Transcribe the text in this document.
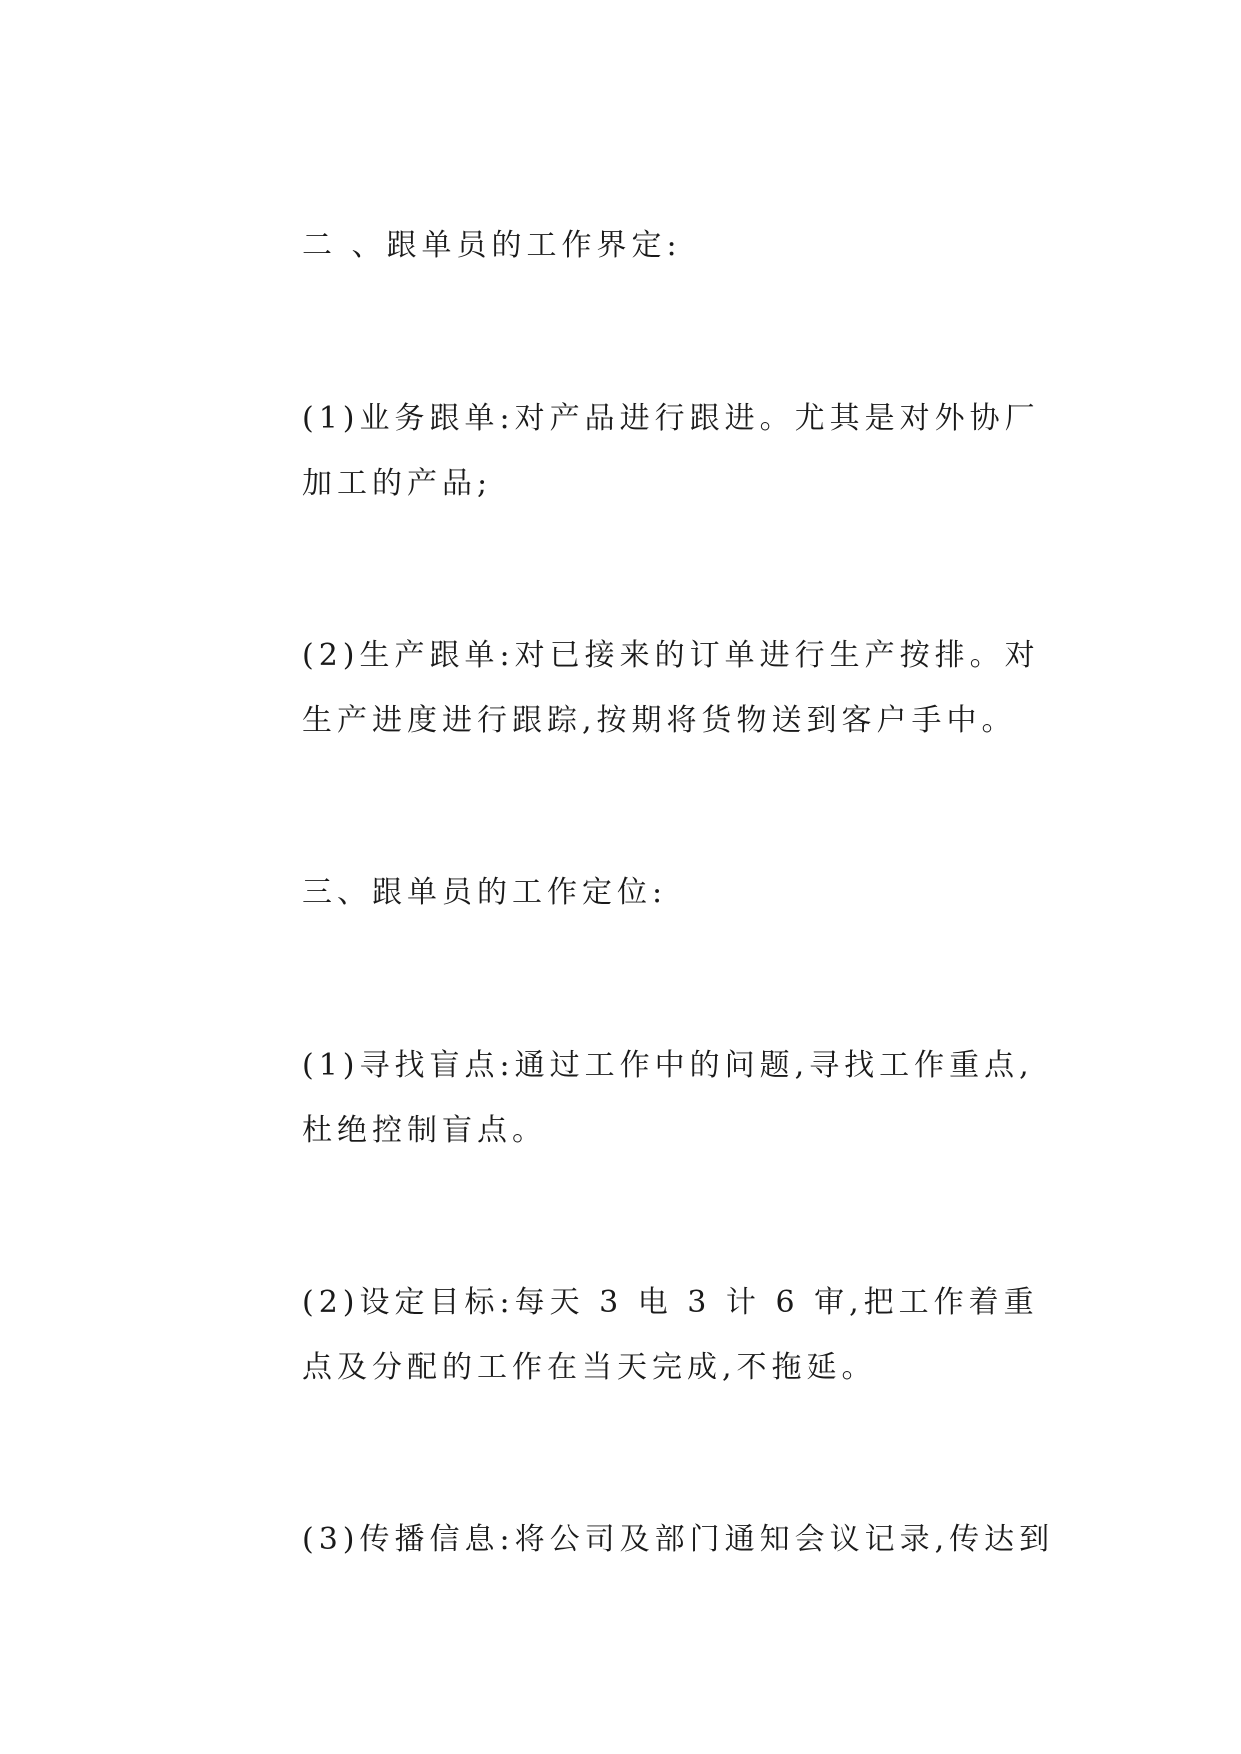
二 、跟单员的工作界定:

(1)业务跟单:对产品进行跟进。尤其是对外协厂加工的产品;

(2)生产跟单:对已接来的订单进行生产按排。对生产进度进行跟踪,按期将货物送到客户手中。

三、跟单员的工作定位:

(1)寻找盲点:通过工作中的问题,寻找工作重点,杜绝控制盲点。

(2)设定目标:每天 3 电 3 计 6 审,把工作着重点及分配的工作在当天完成,不拖延。

(3)传播信息:将公司及部门通知会议记录,传达到
